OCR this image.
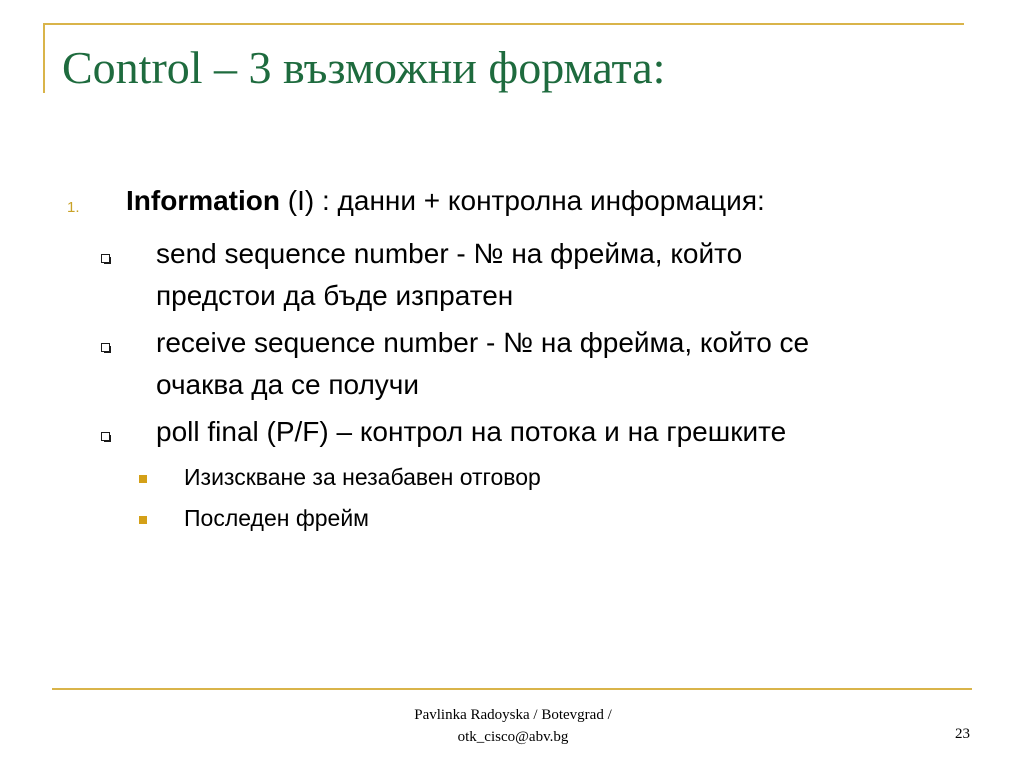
Control – 3 възможни формата:
1. Information (I) : данни + контролна информация:
send sequence number - № на фрейма, който
предстои да бъде изпратен
receive sequence number - № на фрейма, който се
очаква да се получи
poll final (P/F) – контрол на потока и на грешките
Изизскване за незабавен отговор
Последен фрейм
Pavlinka Radoyska / Botevgrad /
otk_cisco@abv.bg	23
